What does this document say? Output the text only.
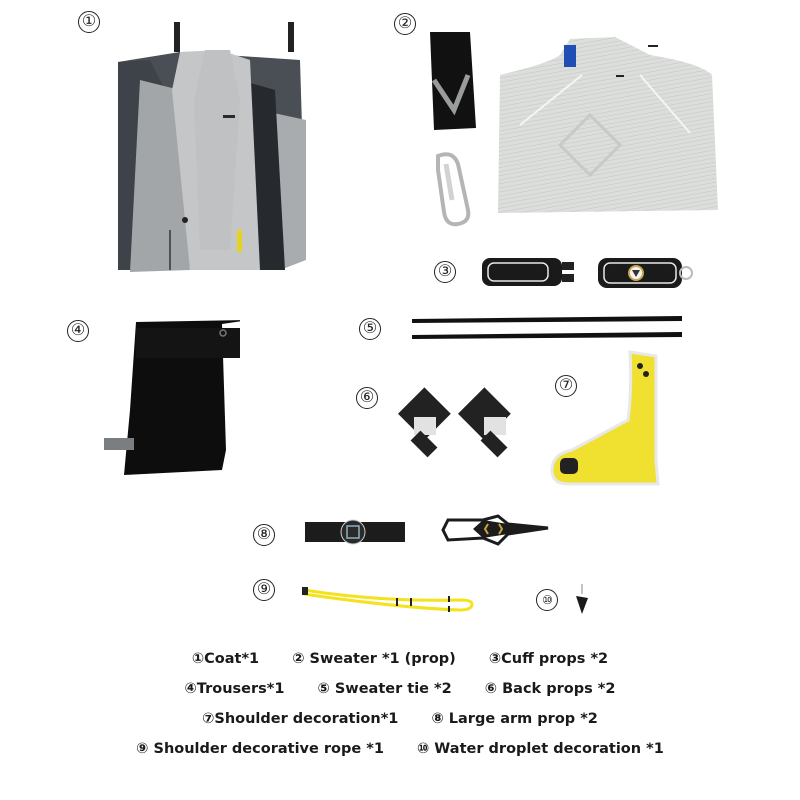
①	②
③
④	⑤
⑥
⑦
⑧
⑨
⑩
①Coat*1 ② Sweater *1 (prop) ③Cuff props *2
④Trousers*1 ⑤ Sweater tie *2 ⑥ Back props *2
⑦Shoulder decoration*1 ⑧ Large arm prop *2
⑨ Shoulder decorative rope *1 ⑩ Water droplet decoration *1
